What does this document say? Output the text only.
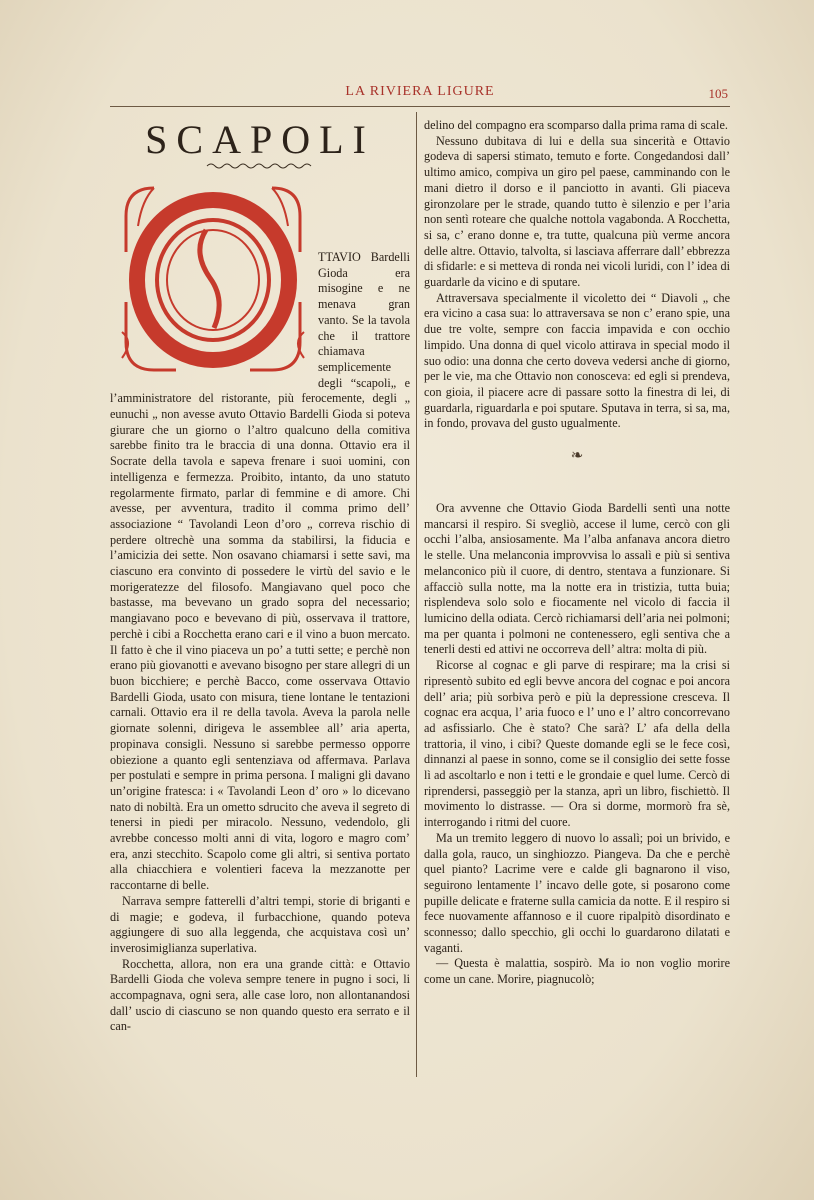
LA RIVIERA LIGURE	105
SCAPOLI

TTAVIO Bardelli Gioda era misogine e ne menava gran vanto. Se la tavola che il trattore chiamava semplicemente degli “scapoli„ e l’amministratore del ristorante, più ferocemente, degli „ eunuchi „ non avesse avuto Ottavio Bardelli Gioda si poteva giurare che un giorno o l’altro qualcuno della comitiva sarebbe finito tra le braccia di una donna. Ottavio era il Socrate della tavola e sapeva frenare i suoi uomini, con intelligenza e fermezza. Proibito, intanto, da uno statuto regolarmente firmato, parlar di femmine e di amore. Chi avesse, per avventura, tradito il comma primo dell’ associazione “ Tavolandi Leon d’oro „ correva rischio di perdere oltrechè una somma da stabilirsi, la fiducia e l’amicizia dei sette. Non osavano chiamarsi i sette savi, ma ciascuno era convinto di possedere le virtù del savio e le morigeratezze del filosofo. Mangiavano quel poco che bastasse, ma bevevano un grado sopra del necessario; mangiavano poco e bevevano di più, osservava il trattore, perchè i cibi a Rocchetta erano cari e il vino a buon mercato. Il fatto è che il vino piaceva un po’ a tutti sette; e perchè non erano più giovanotti e avevano bisogno per stare allegri di un buon bicchiere; e perchè Bacco, come osservava Ottavio Bardelli Gioda, usato con misura, tiene lontane le tentazioni carnali. Ottavio era il re della tavola. Aveva la parola nelle giornate solenni, dirigeva le assemblee all’ aria aperta, propinava consigli. Nessuno si sarebbe permesso opporre obiezione a quanto egli sentenziava od affermava. Parlava per postulati e sempre in prima persona. I maligni gli davano un’origine fratesca: i « Tavolandi Leon d’ oro » lo dicevano nato di nobiltà. Era un ometto sdrucito che aveva il segreto di tenersi in piedi per miracolo. Nessuno, vedendolo, gli avrebbe concesso molti anni di vita, logoro e magro com’ era, anzi stecchito. Scapolo come gli altri, si sentiva portato alla chiacchiera e volentieri faceva la mezzanotte per raccontarne di belle.

Narrava sempre fatterelli d’altri tempi, storie di briganti e di magie; e godeva, il furbacchione, quando poteva aggiungere di suo alla leggenda, che acquistava così un’ inverosimiglianza superlativa.

Rocchetta, allora, non era una grande città: e Ottavio Bardelli Gioda che voleva sempre tenere in pugno i soci, li accompagnava, ogni sera, alle case loro, non allontanandosi dall’ uscio di ciascuno se non quando questo era serrato e il can-

delino del compagno era scomparso dalla prima rama di scale.

Nessuno dubitava di lui e della sua sincerità e Ottavio godeva di sapersi stimato, temuto e forte. Congedandosi dall’ ultimo amico, compiva un giro pel paese, camminando con le mani dietro il dorso e il panciotto in avanti. Gli piaceva gironzolare per le strade, quando tutto è silenzio e per l’aria non sentì roteare che qualche nottola vagabonda. A Rocchetta, si sa, c’ erano donne e, tra tutte, qualcuna più verme ancora delle altre. Ottavio, talvolta, si lasciava afferrare dall’ ebbrezza di sfidarle: e si metteva di ronda nei vicoli luridi, con l’ idea di guardarle da vicino e di sputare.

Attraversava specialmente il vicoletto dei “ Diavoli „ che era vicino a casa sua: lo attraversava se non c’ erano spie, una due tre volte, sempre con faccia impavida e con occhio limpido. Una donna di quel vicolo attirava in special modo il suo odio: una donna che certo doveva vedersi anche di giorno, per le vie, ma che Ottavio non conosceva: ed egli si prendeva, con gioia, il piacere acre di passare sotto la finestra di lei, di guardarla, riguardarla e poi sputare. Sputava in terra, si sa, ma, in fondo, provava del gusto ugualmente.

❧

Ora avvenne che Ottavio Gioda Bardelli sentì una notte mancarsi il respiro. Si svegliò, accese il lume, cercò con gli occhi l’alba, ansiosamente. Ma l’alba anfanava ancora dietro le stelle. Una melanconia improvvisa lo assalì e più si sentiva melanconico più il cuore, di dentro, stentava a funzionare. Si affacciò sulla notte, ma la notte era in tristizia, tutta buia; risplendeva solo solo e fiocamente nel vicolo di faccia il lumicino della odiata. Cercò richiamarsi dell’aria nei polmoni; ma per quanta i polmoni ne contenessero, egli sentiva che a tenerli desti ed attivi ne occorreva dell’ altra: molta di più.

Ricorse al cognac e gli parve di respirare; ma la crisi si ripresentò subito ed egli bevve ancora del cognac e poi ancora dell’ aria; più sorbiva però e più la depressione cresceva. Il cognac era acqua, l’ aria fuoco e l’ uno e l’ altro concorrevano ad asfissiarlo. Che è stato? Che sarà? L’ afa della della trattoria, il vino, i cibi? Queste domande egli se le fece così, dinnanzi al paese in sonno, come se il consiglio dei sette fosse lì ad ascoltarlo e non i tetti e le grondaie e quel lume. Cercò di riprendersi, passeggiò per la stanza, aprì un libro, fischiettò. Il movimento lo distrasse. — Ora si dorme, mormorò fra sè, interrogando i ritmi del cuore.

Ma un tremito leggero di nuovo lo assalì; poi un brivido, e dalla gola, rauco, un singhiozzo. Piangeva. Da che e perchè quel pianto? Lacrime vere e calde gli bagnarono il viso, seguirono lentamente l’ incavo delle gote, si posarono come pupille delicate e fraterne sulla camicia da notte. E il respiro si fece nuovamente affannoso e il cuore ripalpitò disordinato e sconnesso; dallo specchio, gli occhi lo guardarono dilatati e vaganti.

— Questa è malattia, sospirò. Ma io non voglio morire come un cane. Morire, piagnucolò;
